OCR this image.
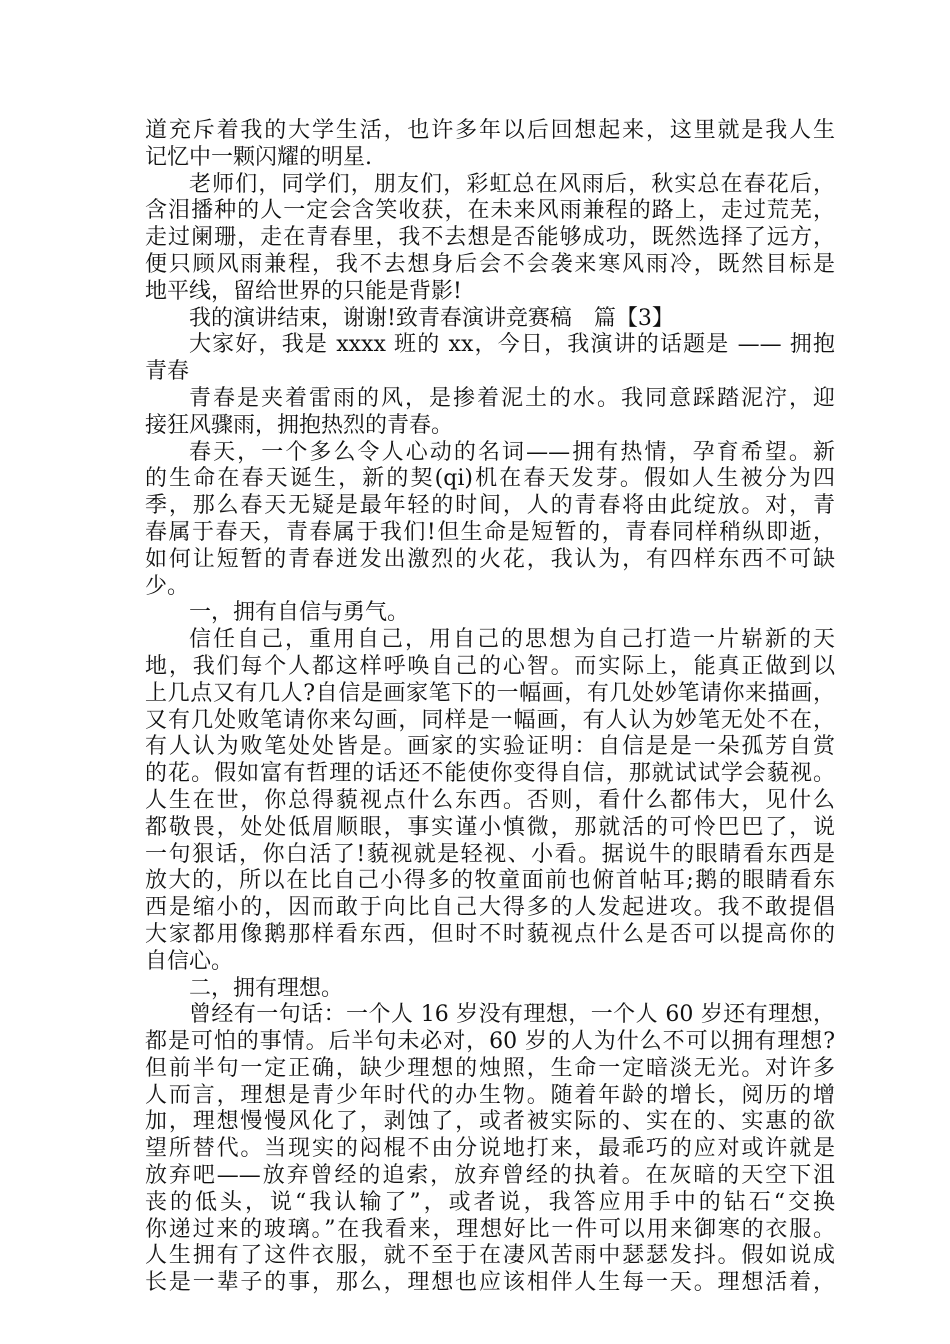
道充斥着我的大学生活，也许多年以后回想起来，这里就是我人生
记忆中一颗闪耀的明星.
老师们，同学们，朋友们，彩虹总在风雨后，秋实总在春花后，
含泪播种的人一定会含笑收获，在未来风雨兼程的路上，走过荒芜，
走过阑珊，走在青春里，我不去想是否能够成功，既然选择了远方，
便只顾风雨兼程，我不去想身后会不会袭来寒风雨冷，既然目标是
地平线，留给世界的只能是背影!
我的演讲结束，谢谢!致青春演讲竞赛稿　篇【3】
大家好，我是 xxxx 班的 xx，今日，我演讲的话题是 —— 拥抱
青春
青春是夹着雷雨的风，是掺着泥土的水。我同意踩踏泥泞，迎
接狂风骤雨，拥抱热烈的青春。
春天，一个多么令人心动的名词——拥有热情，孕育希望。新
的生命在春天诞生，新的契(qi)机在春天发芽。假如人生被分为四
季，那么春天无疑是最年轻的时间，人的青春将由此绽放。对，青
春属于春天，青春属于我们!但生命是短暂的，青春同样稍纵即逝，
如何让短暂的青春迸发出激烈的火花，我认为，有四样东西不可缺
少。
一，拥有自信与勇气。
信任自己，重用自己，用自己的思想为自己打造一片崭新的天
地，我们每个人都这样呼唤自己的心智。而实际上，能真正做到以
上几点又有几人?自信是画家笔下的一幅画，有几处妙笔请你来描画，
又有几处败笔请你来勾画，同样是一幅画，有人认为妙笔无处不在，
有人认为败笔处处皆是。画家的实验证明：自信是是一朵孤芳自赏
的花。假如富有哲理的话还不能使你变得自信，那就试试学会藐视。
人生在世，你总得藐视点什么东西。否则，看什么都伟大，见什么
都敬畏，处处低眉顺眼，事实谨小慎微，那就活的可怜巴巴了，说
一句狠话，你白活了!藐视就是轻视、小看。据说牛的眼睛看东西是
放大的，所以在比自己小得多的牧童面前也俯首帖耳;鹅的眼睛看东
西是缩小的，因而敢于向比自己大得多的人发起进攻。我不敢提倡
大家都用像鹅那样看东西，但时不时藐视点什么是否可以提高你的
自信心。
二，拥有理想。
曾经有一句话：一个人 16 岁没有理想，一个人 60 岁还有理想，
都是可怕的事情。后半句未必对，60 岁的人为什么不可以拥有理想?
但前半句一定正确，缺少理想的烛照，生命一定暗淡无光。对许多
人而言，理想是青少年时代的办生物。随着年龄的增长，阅历的增
加，理想慢慢风化了，剥蚀了，或者被实际的、实在的、实惠的欲
望所替代。当现实的闷棍不由分说地打来，最乖巧的应对或许就是
放弃吧——放弃曾经的追索，放弃曾经的执着。在灰暗的天空下沮
丧的低头，说“我认输了”，或者说，我答应用手中的钻石“交换
你递过来的玻璃。”在我看来，理想好比一件可以用来御寒的衣服。
人生拥有了这件衣服，就不至于在凄风苦雨中瑟瑟发抖。假如说成
长是一辈子的事，那么，理想也应该相伴人生每一天。理想活着，
